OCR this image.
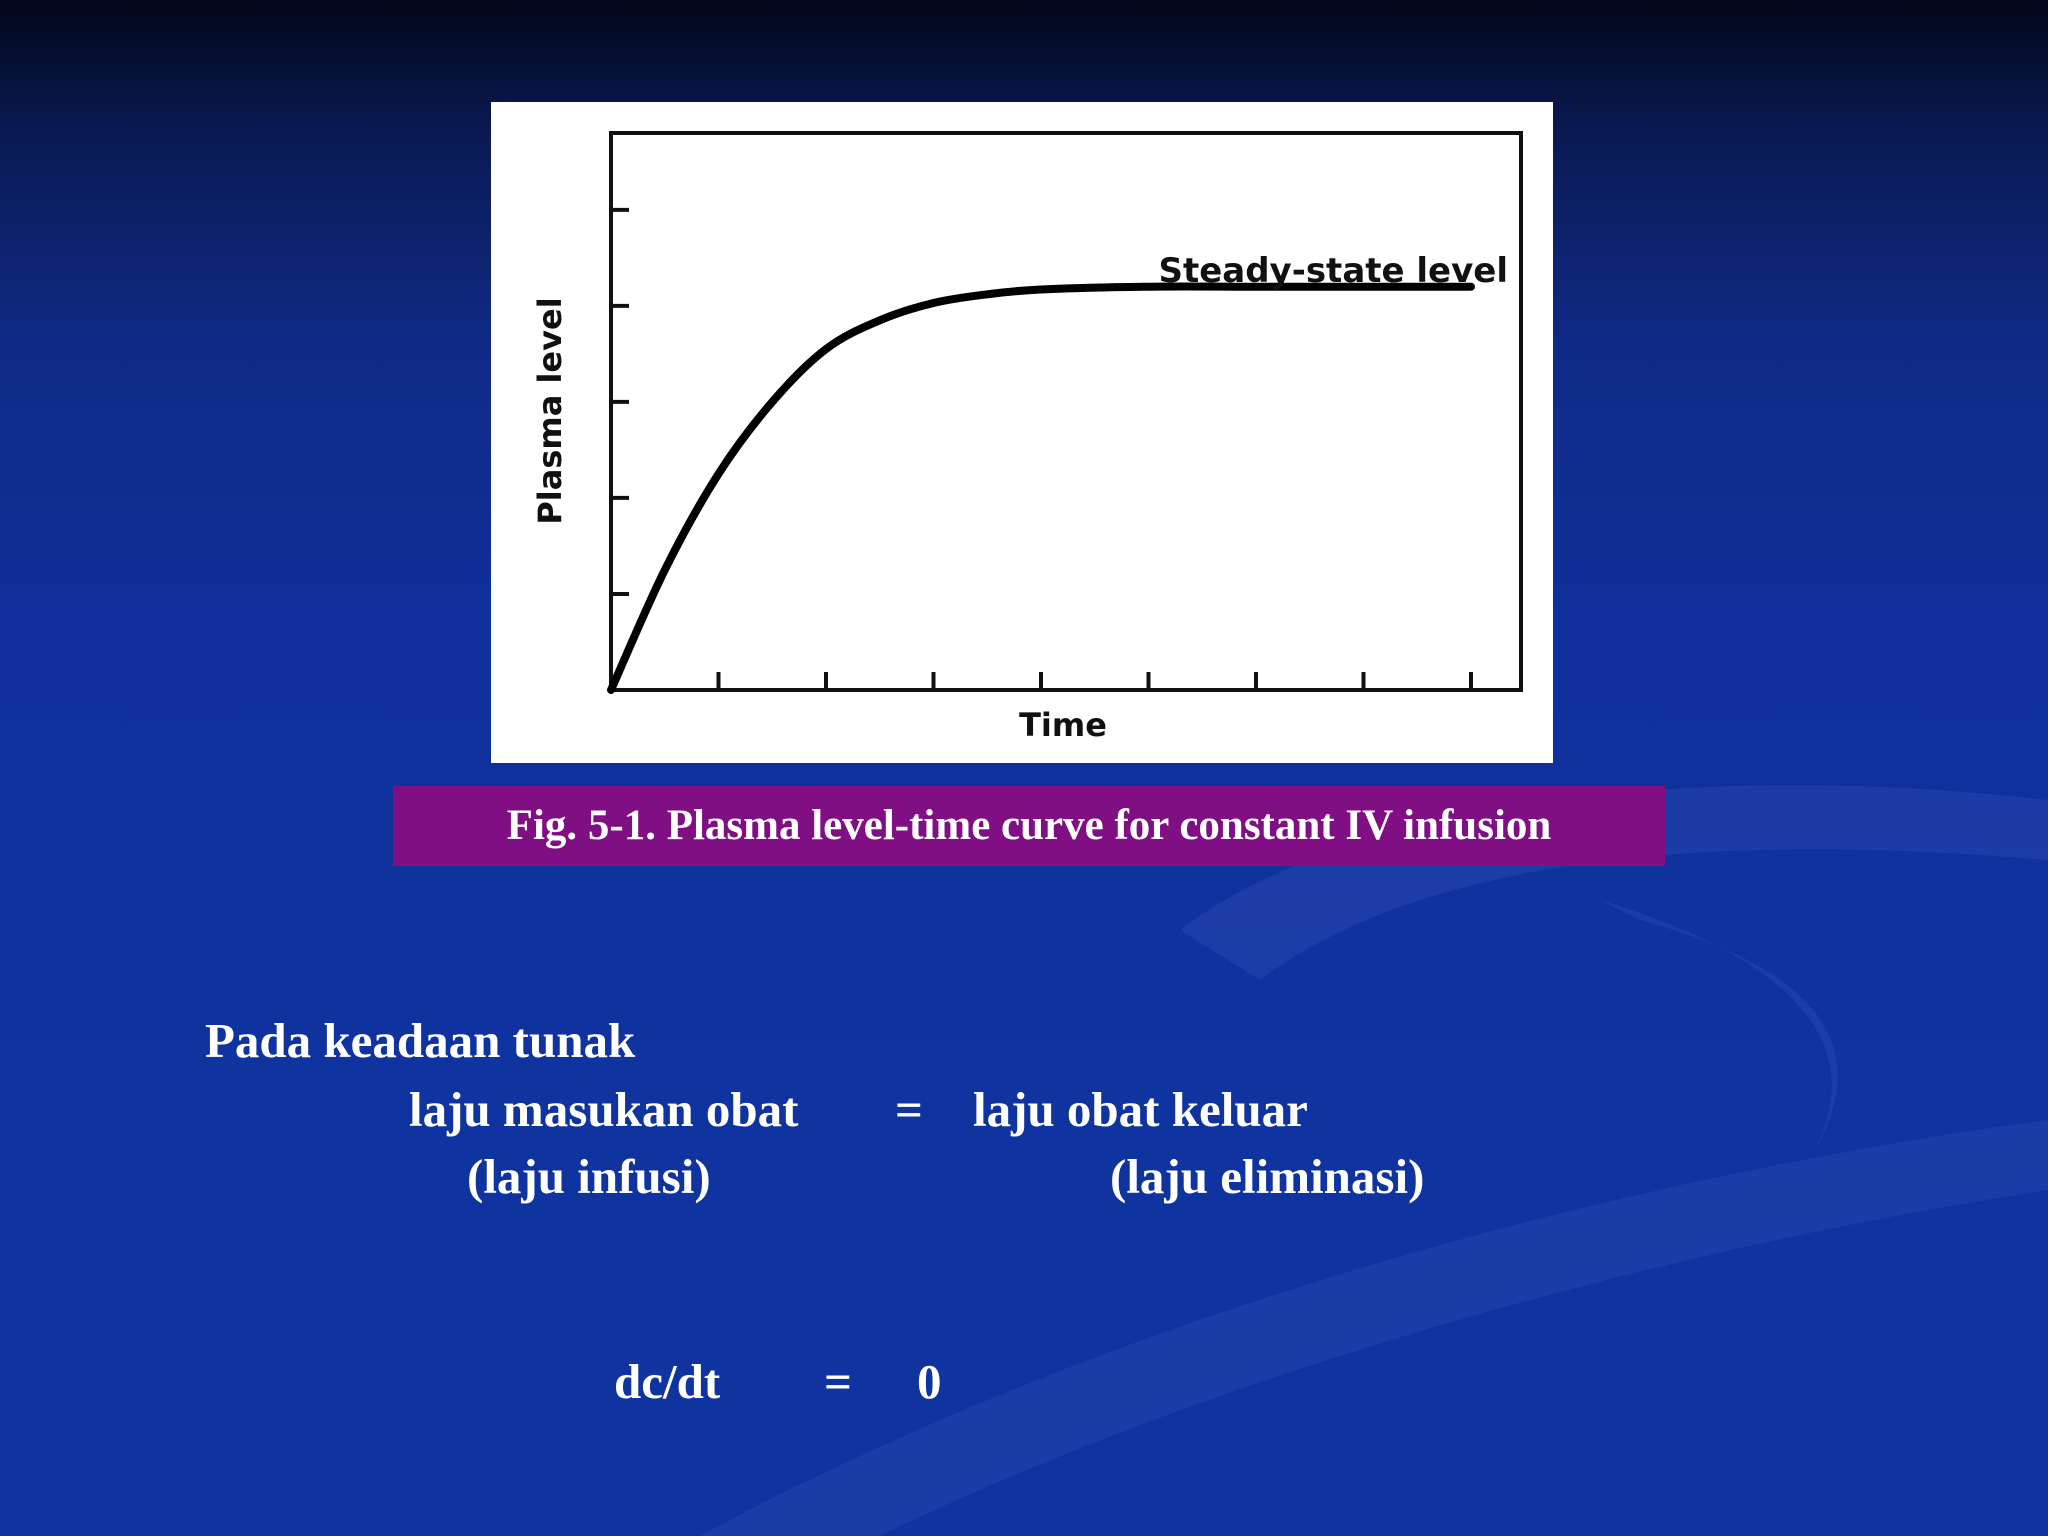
Steady-state level
Time
Plasma level
Fig. 5-1. Plasma level-time curve for constant IV infusion
Pada keadaan tunak
laju masukan obat = laju obat keluar
(laju infusi)	(laju eliminasi)
dc/dt = 0
